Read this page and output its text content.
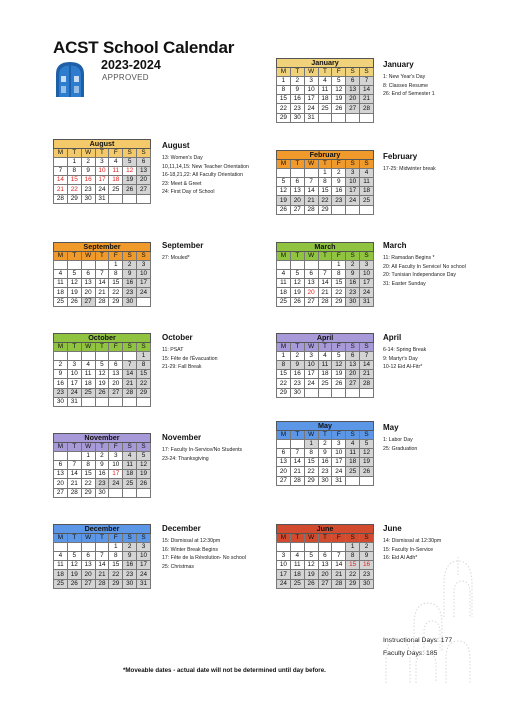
ACST School Calendar
2023-2024
APPROVED
January						
M	T	W	T	F	S	S
1	2	3	4	5	6	7
8	9	10	11	12	13	14
15	16	17	18	19	20	21
22	23	24	25	26	27	28
29	30	31				
January
1: New Year's Day
8: Classes Resume
26: End of Semester 1
August						
M	T	W	T	F	S	S
	1	2	3	4	5	6
7	8	9	10	11	12	13
14	15	16	17	18	19	20
21	22	23	24	25	26	27
28	29	30	31			
August
13: Women's Day
10,11,14,15: New Teacher Orientation
16-18,21,22: All Faculty Orientation
23: Meet & Greet
24: First Day of School
February						
M	T	W	T	F	S	S
			1	2	3	4
5	6	7	8	9	10	11
12	13	14	15	16	17	18
19	20	21	22	23	24	25
26	27	28	29			
February
17-25: Midwinter break
September						
M	T	W	T	F	S	S
				1	2	3
4	5	6	7	8	9	10
11	12	13	14	15	16	17
18	19	20	21	22	23	24
25	26	27	28	29	30	
September
27: Mouled*
March						
M	T	W	T	F	S	S
				1	2	3
4	5	6	7	8	9	10
11	12	13	14	15	16	17
18	19	20	21	22	23	24
25	26	27	28	29	30	31
March
11: Ramadan Begins *
20: All Faculty In Service/ No school
20: Tunisian Independance Day
31: Easter Sunday
October						
M	T	W	T	F	S	S
						1
2	3	4	5	6	7	8
9	10	11	12	13	14	15
16	17	18	19	20	21	22
23	24	25	26	27	28	29
30	31					
October
11: PSAT
15: Fête de l'Évacuation
21-29: Fall Break
April						
M	T	W	T	F	S	S
1	2	3	4	5	6	7
8	9	10	11	12	13	14
15	16	17	18	19	20	21
22	23	24	25	26	27	28
29	30					
April
6-14: Spring Break
9: Martyr's Day
10-12 Eid Al-Fitr*
November						
M	T	W	T	F	S	S
		1	2	3	4	5
6	7	8	9	10	11	12
13	14	15	16	17	18	19
20	21	22	23	24	25	26
27	28	29	30			
November
17: Faculty In-Service/No Students
23-24: Thanksgiving
May						
M	T	W	T	F	S	S
		1	2	3	4	5
6	7	8	9	10	11	12
13	14	15	16	17	18	19
20	21	22	23	24	25	26
27	28	29	30	31		
May
1: Labor Day
25: Graduation
December						
M	T	W	T	F	S	S
				1	2	3
4	5	6	7	8	9	10
11	12	13	14	15	16	17
18	19	20	21	22	23	24
25	26	27	28	29	30	31
December
15: Dismissal at 12:30pm
16: Winter Break Begins
17: Fête de la Révolution- No school
25: Christmas
June						
M	T	W	T	F	S	S
					1	2
3	4	5	6	7	8	9
10	11	12	13	14	15	16
17	18	19	20	21	22	23
24	25	26	27	28	29	30
June
14: Dismissal at 12:30pm
15: Faculty In-Service
16: Eid Al Adh*
Instructional Days: 177
Faculty Days: 185
*Moveable dates - actual date will not be determined until day before.
